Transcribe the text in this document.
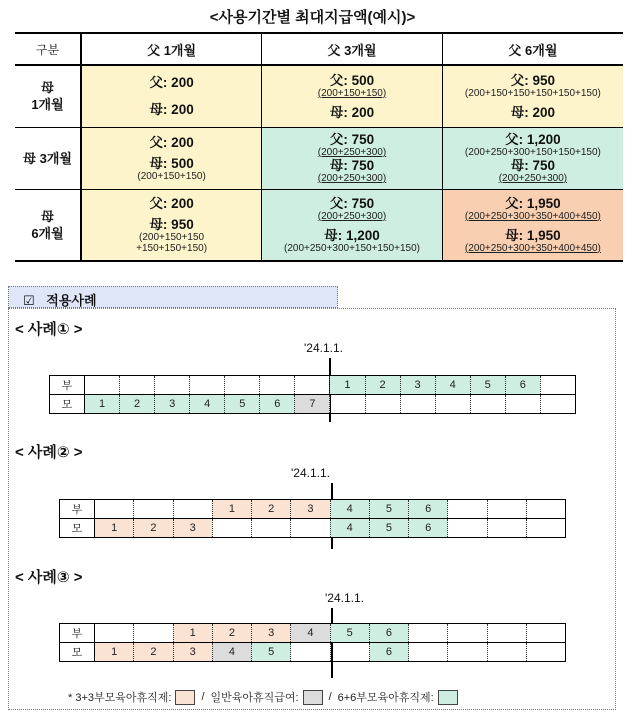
<사용기간별 최대지급액(예시)>
구분	父 1개월	父 3개월	父 6개월

母
1개월

父: 200
母: 200

父: 500
(200+150+150)
母: 200

父: 950
(200+150+150+150+150+150)
母: 200

母 3개월

父: 200
母: 500
(200+150+150)

父: 750
(200+250+300)
母: 750
(200+250+300)

父: 1,200
(200+250+300+150+150+150)
母: 750
(200+250+300)

母
6개월

父: 200
母: 950
(200+150+150
+150+150+150)

父: 750
(200+250+300)
母: 1,200
(200+250+300+150+150+150)

父: 1,950
(200+250+300+350+400+450)
母: 1,950
(200+250+300+350+400+450)
☑ 적용사례
< 사례① >
'24.1.1.
부								1	2	3	4	5	6	
모	1	2	3	4	5	6	7							
< 사례② >
'24.1.1.
부				1	2	3	4	5	6			
모	1	2	3				4	5	6			
< 사례③ >
'24.1.1.
부			1	2	3	4	5	6				
모	1	2	3	4	5			6				
* 3+3부모육아휴직제:	/ 일반육아휴직급여:	/ 6+6부모육아휴직제:
